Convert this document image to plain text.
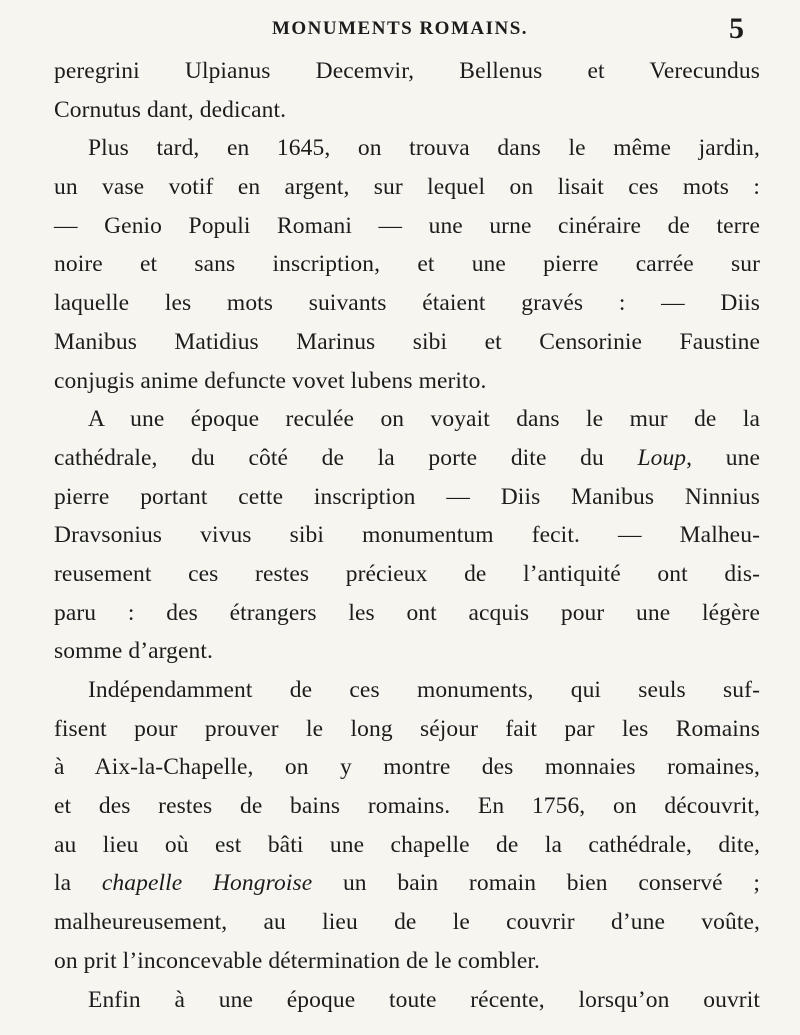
MONUMENTS ROMAINS.	5
peregrini Ulpianus Decemvir, Bellenus et Verecundus
Cornutus dant, dedicant.
Plus tard, en 1645, on trouva dans le même jardin,
un vase votif en argent, sur lequel on lisait ces mots :
— Genio Populi Romani — une urne cinéraire de terre
noire et sans inscription, et une pierre carrée sur
laquelle les mots suivants étaient gravés : — Diis
Manibus Matidius Marinus sibi et Censorinie Faustine
conjugis anime defuncte vovet lubens merito.
A une époque reculée on voyait dans le mur de la
cathédrale, du côté de la porte dite du Loup, une
pierre portant cette inscription — Diis Manibus Ninnius
Dravsonius vivus sibi monumentum fecit. — Malheu-
reusement ces restes précieux de l’antiquité ont dis-
paru : des étrangers les ont acquis pour une légère
somme d’argent.
Indépendamment de ces monuments, qui seuls suf-
fisent pour prouver le long séjour fait par les Romains
à Aix-la-Chapelle, on y montre des monnaies romaines,
et des restes de bains romains. En 1756, on découvrit,
au lieu où est bâti une chapelle de la cathédrale, dite,
la chapelle Hongroise un bain romain bien conservé ;
malheureusement, au lieu de le couvrir d’une voûte,
on prit l’inconcevable détermination de le combler.
Enfin à une époque toute récente, lorsqu’on ouvrit
